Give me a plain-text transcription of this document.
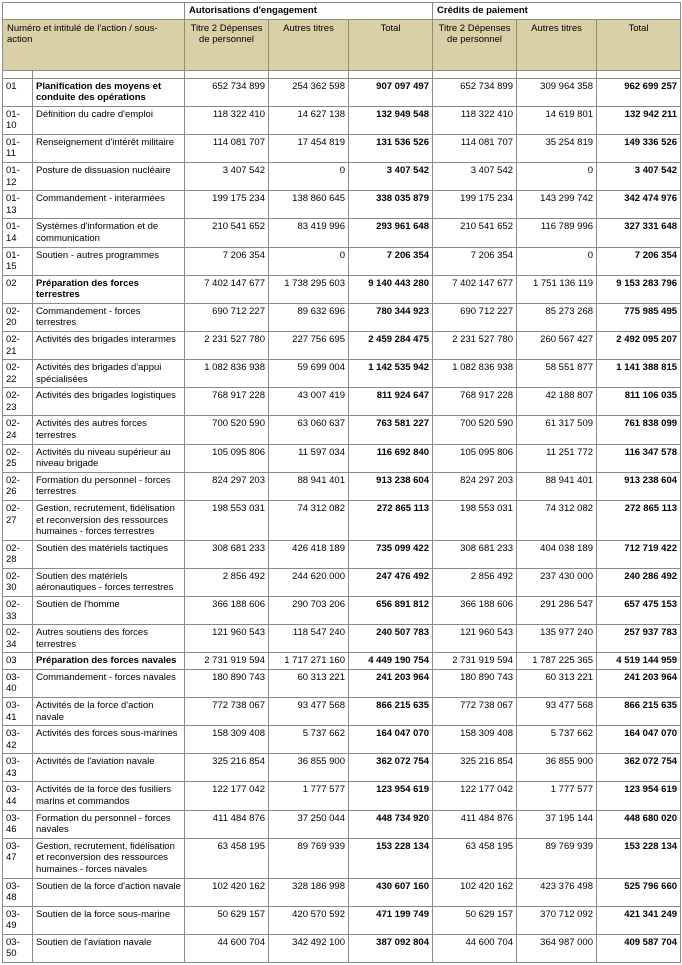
		Autorisations d'engagement			Crédits de paiement		
Numéro et intitulé de l'action / sous-action		Titre 2 Dépenses de personnel	Autres titres	Total	Titre 2 Dépenses de personnel	Autres titres	Total

01	Planification des moyens et conduite des opérations	652 734 899	254 362 598	907 097 497	652 734 899	309 964 358	962 699 257
01-10	Définition du cadre d'emploi	118 322 410	14 627 138	132 949 548	118 322 410	14 619 801	132 942 211
01-11	Renseignement d'intérêt militaire	114 081 707	17 454 819	131 536 526	114 081 707	35 254 819	149 336 526
01-12	Posture de dissuasion nucléaire	3 407 542	0	3 407 542	3 407 542	0	3 407 542
01-13	Commandement - interarmées	199 175 234	138 860 645	338 035 879	199 175 234	143 299 742	342 474 976
01-14	Systèmes d'information et de communication	210 541 652	83 419 996	293 961 648	210 541 652	116 789 996	327 331 648
01-15	Soutien - autres programmes	7 206 354	0	7 206 354	7 206 354	0	7 206 354
02	Préparation des forces terrestres	7 402 147 677	1 738 295 603	9 140 443 280	7 402 147 677	1 751 136 119	9 153 283 796
02-20	Commandement - forces terrestres	690 712 227	89 632 696	780 344 923	690 712 227	85 273 268	775 985 495
02-21	Activités des brigades interarmes	2 231 527 780	227 756 695	2 459 284 475	2 231 527 780	260 567 427	2 492 095 207
02-22	Activités des brigades d'appui spécialisées	1 082 836 938	59 699 004	1 142 535 942	1 082 836 938	58 551 877	1 141 388 815
02-23	Activités des brigades logistiques	768 917 228	43 007 419	811 924 647	768 917 228	42 188 807	811 106 035
02-24	Activités des autres forces terrestres	700 520 590	63 060 637	763 581 227	700 520 590	61 317 509	761 838 099
02-25	Activités du niveau supérieur au niveau brigade	105 095 806	11 597 034	116 692 840	105 095 806	11 251 772	116 347 578
02-26	Formation du personnel - forces terrestres	824 297 203	88 941 401	913 238 604	824 297 203	88 941 401	913 238 604
02-27	Gestion, recrutement, fidélisation et reconversion des ressources humaines - forces terrestres	198 553 031	74 312 082	272 865 113	198 553 031	74 312 082	272 865 113
02-28	Soutien des matériels tactiques	308 681 233	426 418 189	735 099 422	308 681 233	404 038 189	712 719 422
02-30	Soutien des matériels aéronautiques - forces terrestres	2 856 492	244 620 000	247 476 492	2 856 492	237 430 000	240 286 492
02-33	Soutien de l'homme	366 188 606	290 703 206	656 891 812	366 188 606	291 286 547	657 475 153
02-34	Autres soutiens des forces terrestres	121 960 543	118 547 240	240 507 783	121 960 543	135 977 240	257 937 783
03	Préparation des forces navales	2 731 919 594	1 717 271 160	4 449 190 754	2 731 919 594	1 787 225 365	4 519 144 959
03-40	Commandement - forces navales	180 890 743	60 313 221	241 203 964	180 890 743	60 313 221	241 203 964
03-41	Activités de la force d'action navale	772 738 067	93 477 568	866 215 635	772 738 067	93 477 568	866 215 635
03-42	Activités des forces sous-marines	158 309 408	5 737 662	164 047 070	158 309 408	5 737 662	164 047 070
03-43	Activités de l'aviation navale	325 216 854	36 855 900	362 072 754	325 216 854	36 855 900	362 072 754
03-44	Activités de la force des fusiliers marins et commandos	122 177 042	1 777 577	123 954 619	122 177 042	1 777 577	123 954 619
03-46	Formation du personnel - forces navales	411 484 876	37 250 044	448 734 920	411 484 876	37 195 144	448 680 020
03-47	Gestion, recrutement, fidélisation et reconversion des ressources humaines - forces navales	63 458 195	89 769 939	153 228 134	63 458 195	89 769 939	153 228 134
03-48	Soutien de la force d'action navale	102 420 162	328 186 998	430 607 160	102 420 162	423 376 498	525 796 660
03-49	Soutien de la force sous-marine	50 629 157	420 570 592	471 199 749	50 629 157	370 712 092	421 341 249
03-50	Soutien de l'aviation navale	44 600 704	342 492 100	387 092 804	44 600 704	364 987 000	409 587 704
